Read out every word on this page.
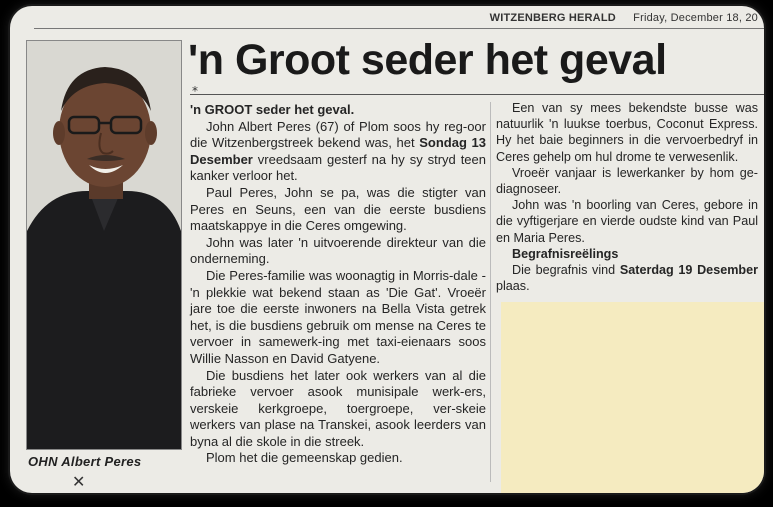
WITZENBERG HERALD Friday, December 18, 20
OHN Albert Peres
✕
'n Groot seder het geval
*

'n GROOT seder het geval.

John Albert Peres (67) of Plom soos hy reg-oor die Witzenbergstreek bekend was, het Sondag 13 Desember vreedsaam gesterf na hy sy stryd teen kanker verloor het.

Paul Peres, John se pa, was die stigter van Peres en Seuns, een van die eerste busdiens maatskappye in die Ceres omgewing.

John was later 'n uitvoerende direkteur van die onderneming.

Die Peres-familie was woonagtig in Morris-dale - 'n plekkie wat bekend staan as 'Die Gat'. Vroeër jare toe die eerste inwoners na Bella Vista getrek het, is die busdiens gebruik om mense na Ceres te vervoer in samewerk-ing met taxi-eienaars soos Willie Nasson en David Gatyene.

Die busdiens het later ook werkers van al die fabrieke vervoer asook munisipale werk-ers, verskeie kerkgroepe, toergroepe, ver-skeie werkers van plase na Transkei, asook leerders van byna al die skole in die streek.

Plom het die gemeenskap gedien.

Een van sy mees bekendste busse was natuurlik 'n luukse toerbus, Coconut Express. Hy het baie beginners in die vervoerbedryf in Ceres gehelp om hul drome te verwesenlik.

Vroeër vanjaar is lewerkanker by hom ge-diagnoseer.

John was 'n boorling van Ceres, gebore in die vyftigerjare en vierde oudste kind van Paul en Maria Peres.

Begrafnisreëlings

Die begrafnis vind Saterdag 19 Desember plaas.
